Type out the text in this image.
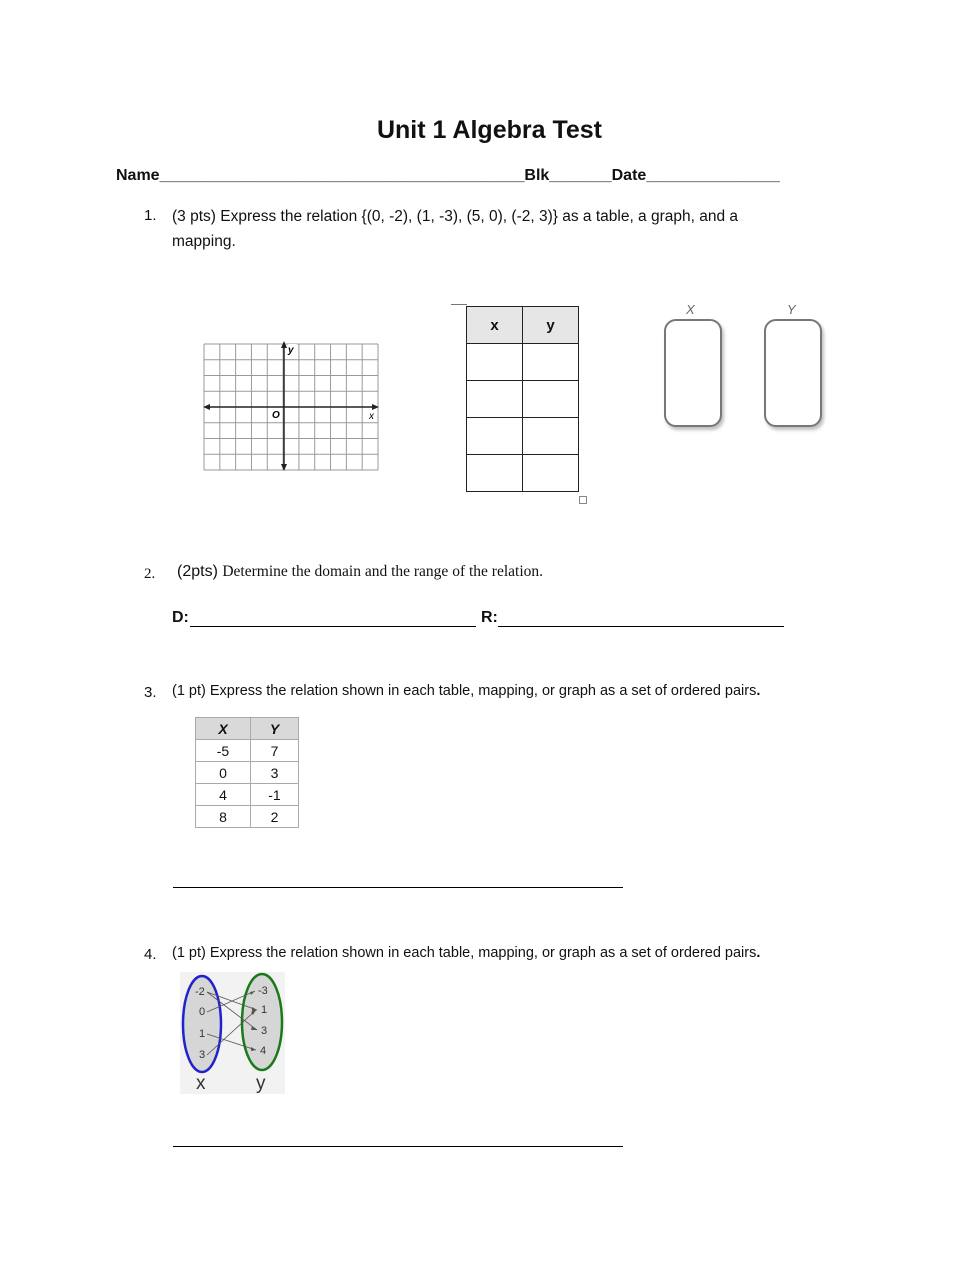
Unit 1 Algebra Test
Name_________________________________________Blk_______Date_______________
1. (3 pts) Express the relation {(0, -2), (1, -3), (5, 0), (-2, 3)} as a table, a graph, and a
mapping.
y
x
O
x	y

X	Y
2. (2pts) Determine the domain and the range of the relation.
D:	R:
3. (1 pt) Express the relation shown in each table, mapping, or graph as a set of ordered pairs.
X	Y
-5	7
0	3
4	-1
8	2
4. (1 pt) Express the relation shown in each table, mapping, or graph as a set of ordered pairs.
-2
0
1
3
-3
1
3
4
x	y
